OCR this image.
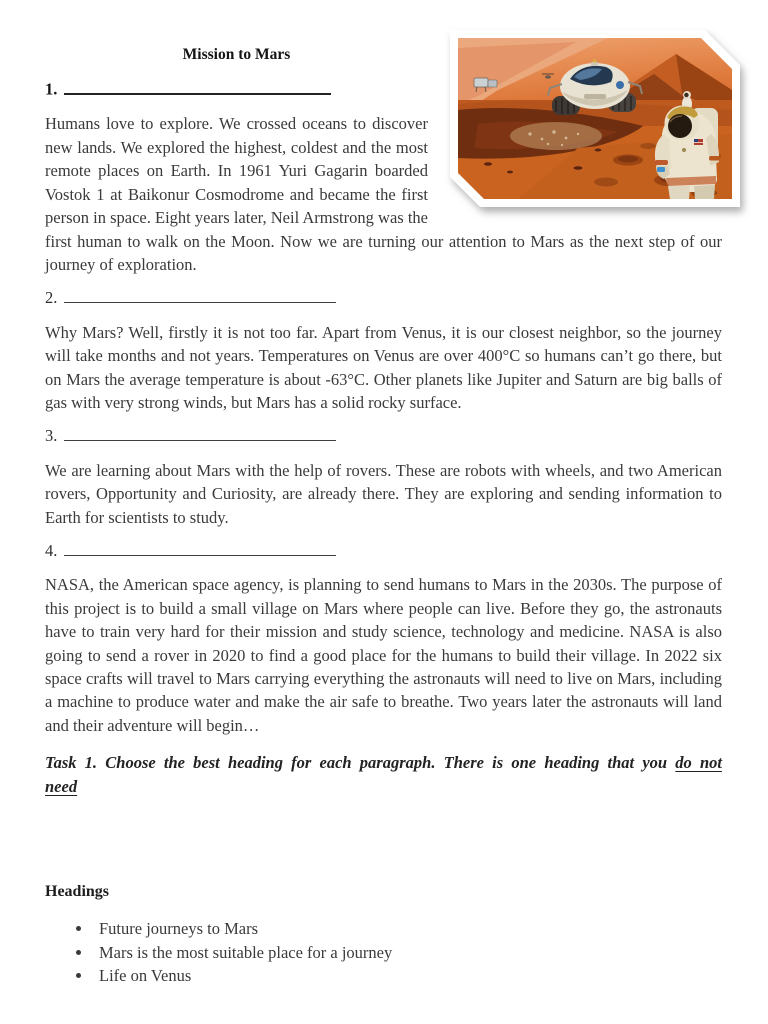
Mission to Mars
1.

Humans love to explore. We crossed oceans to discover new lands. We explored the highest, coldest and the most remote places on Earth. In 1961 Yuri Gagarin boarded Vostok 1 at Baikonur Cosmodrome and became the first person in space. Eight years later, Neil Armstrong was the first human to walk on the Moon. Now we are turning our attention to Mars as the next step of our journey of exploration.

2.

Why Mars? Well, firstly it is not too far. Apart from Venus, it is our closest neighbor, so the journey will take months and not years. Temperatures on Venus are over 400°C so humans can’t go there, but on Mars the average temperature is about -63°C. Other planets like Jupiter and Saturn are big balls of gas with very strong winds, but Mars has a solid rocky surface.

3.

We are learning about Mars with the help of rovers. These are robots with wheels, and two American rovers, Opportunity and Curiosity, are already there. They are exploring and sending information to Earth for scientists to study.

4.

NASA, the American space agency, is planning to send humans to Mars in the 2030s. The purpose of this project is to build a small village on Mars where people can live. Before they go, the astronauts have to train very hard for their mission and study science, technology and medicine. NASA is also going to send a rover in 2020 to find a good place for the humans to build their village. In 2022 six space crafts will travel to Mars carrying everything the astronauts will need to live on Mars, including a machine to produce water and make the air safe to breathe. Two years later the astronauts will land and their adventure will begin…

Task 1. Choose the best heading for each paragraph. There is one heading that you do not
need
Headings
• Future journeys to Mars
• Mars is the most suitable place for a journey
• Life on Venus
